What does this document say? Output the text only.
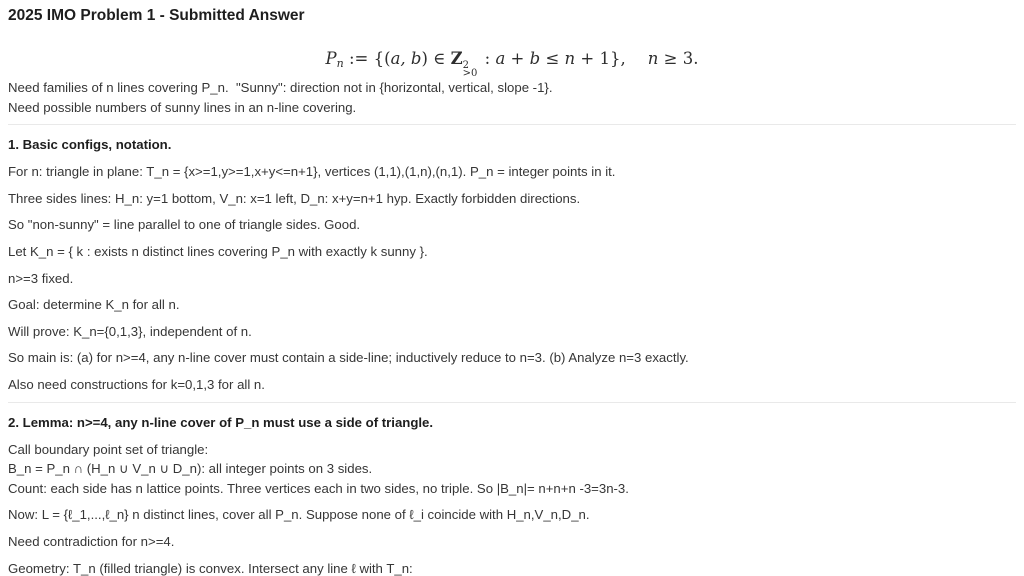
2025 IMO Problem 1 - Submitted Answer
$P_n$ := {(a, b) ∈ Z 2
>0
: a + b ≤ n + 1}, n ≥ 3.

Need families of n lines covering P_n.  "Sunny": direction not in {horizontal, vertical, slope -1}.
Need possible numbers of sunny lines in an n-line covering.

1. Basic configs, notation.

For n: triangle in plane: T_n = {x>=1,y>=1,x+y<=n+1}, vertices (1,1),(1,n),(n,1). P_n = integer points in it.

Three sides lines: H_n: y=1 bottom, V_n: x=1 left, D_n: x+y=n+1 hyp. Exactly forbidden directions.

So "non-sunny" = line parallel to one of triangle sides. Good.

Let K_n = { k : exists n distinct lines covering P_n with exactly k sunny }.

n>=3 fixed.

Goal: determine K_n for all n.

Will prove: K_n={0,1,3}, independent of n.

So main is: (a) for n>=4, any n-line cover must contain a side-line; inductively reduce to n=3. (b) Analyze n=3 exactly.

Also need constructions for k=0,1,3 for all n.

2. Lemma: n>=4, any n-line cover of P_n must use a side of triangle.

Call boundary point set of triangle:
B_n = P_n ∩ (H_n ∪ V_n ∪ D_n): all integer points on 3 sides.
Count: each side has n lattice points. Three vertices each in two sides, no triple. So |B_n|= n+n+n -3=3n-3.

Now: L = {ℓ_1,...,ℓ_n} n distinct lines, cover all P_n. Suppose none of ℓ_i coincide with H_n,V_n,D_n.

Need contradiction for n>=4.

Geometry: T_n (filled triangle) is convex. Intersect any line ℓ with T_n:
